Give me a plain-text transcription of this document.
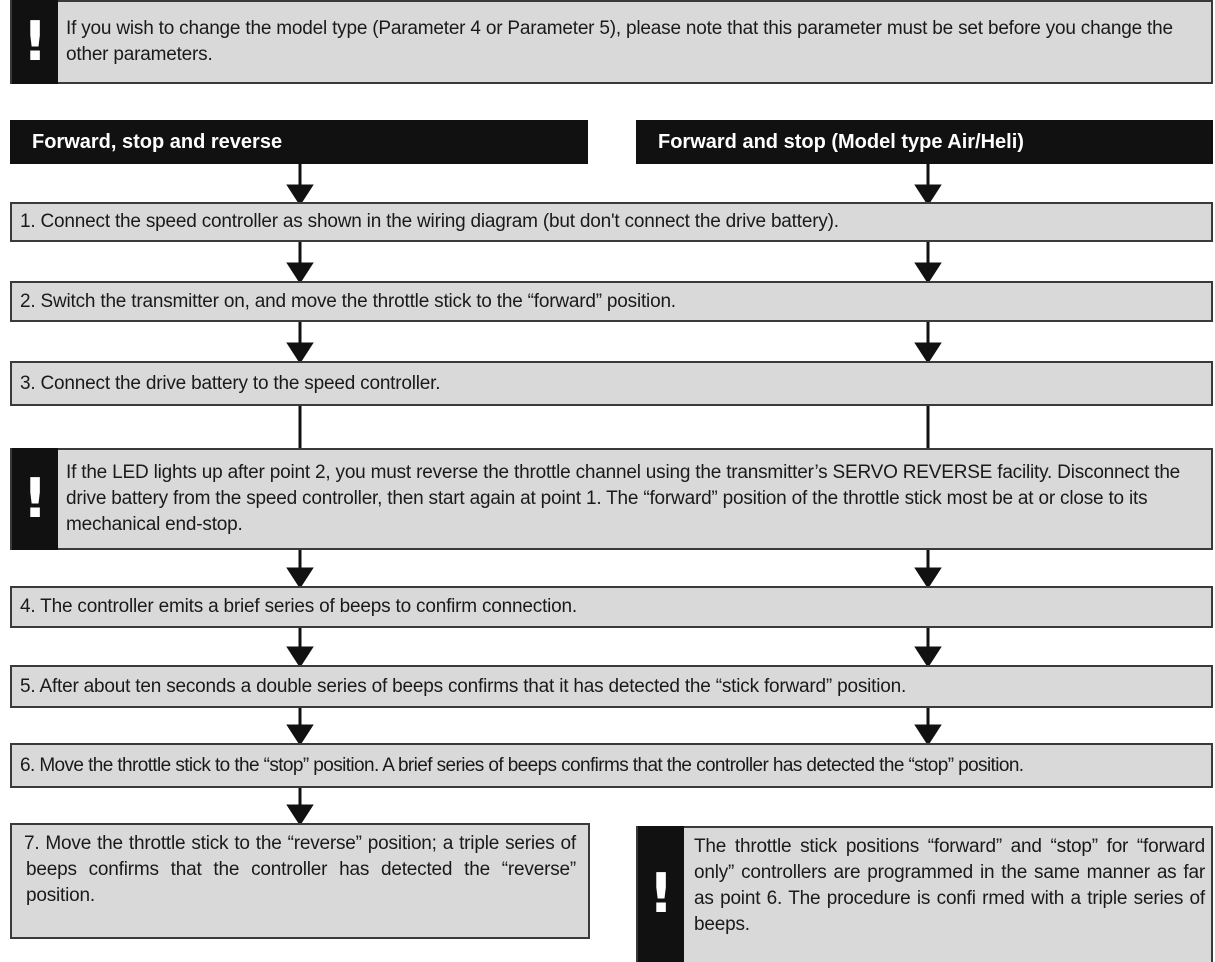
! If you wish to change the model type (Parameter 4 or Parameter 5), please note that this parameter must be set before you change the other parameters.
Forward, stop and reverse	Forward and stop (Model type Air/Heli)
1. Connect the speed controller as shown in the wiring diagram (but don't connect the drive battery).
2. Switch the transmitter on, and move the throttle stick to the “forward” position.
3. Connect the drive battery to the speed controller.
! If the LED lights up after point 2, you must reverse the throttle channel using the transmitter’s SERVO REVERSE facility. Disconnect the drive battery from the speed controller, then start again at point 1. The “forward” position of the throttle stick most be at or close to its mechanical end-stop.
4. The controller emits a brief series of beeps to confirm connection.
5. After about ten seconds a double series of beeps confirms that it has detected the “stick forward” position.
6. Move the throttle stick to the “stop” position. A brief series of beeps confirms that the controller has detected the “stop” position.
7. Move the throttle stick to the “reverse” position; a triple series of beeps confirms that the controller has detected the “reverse” position.	!
The throttle stick positions “forward” and “stop” for “forward only” controllers are programmed in the same manner as far as point 6. The procedure is confi rmed with a triple series of beeps.
